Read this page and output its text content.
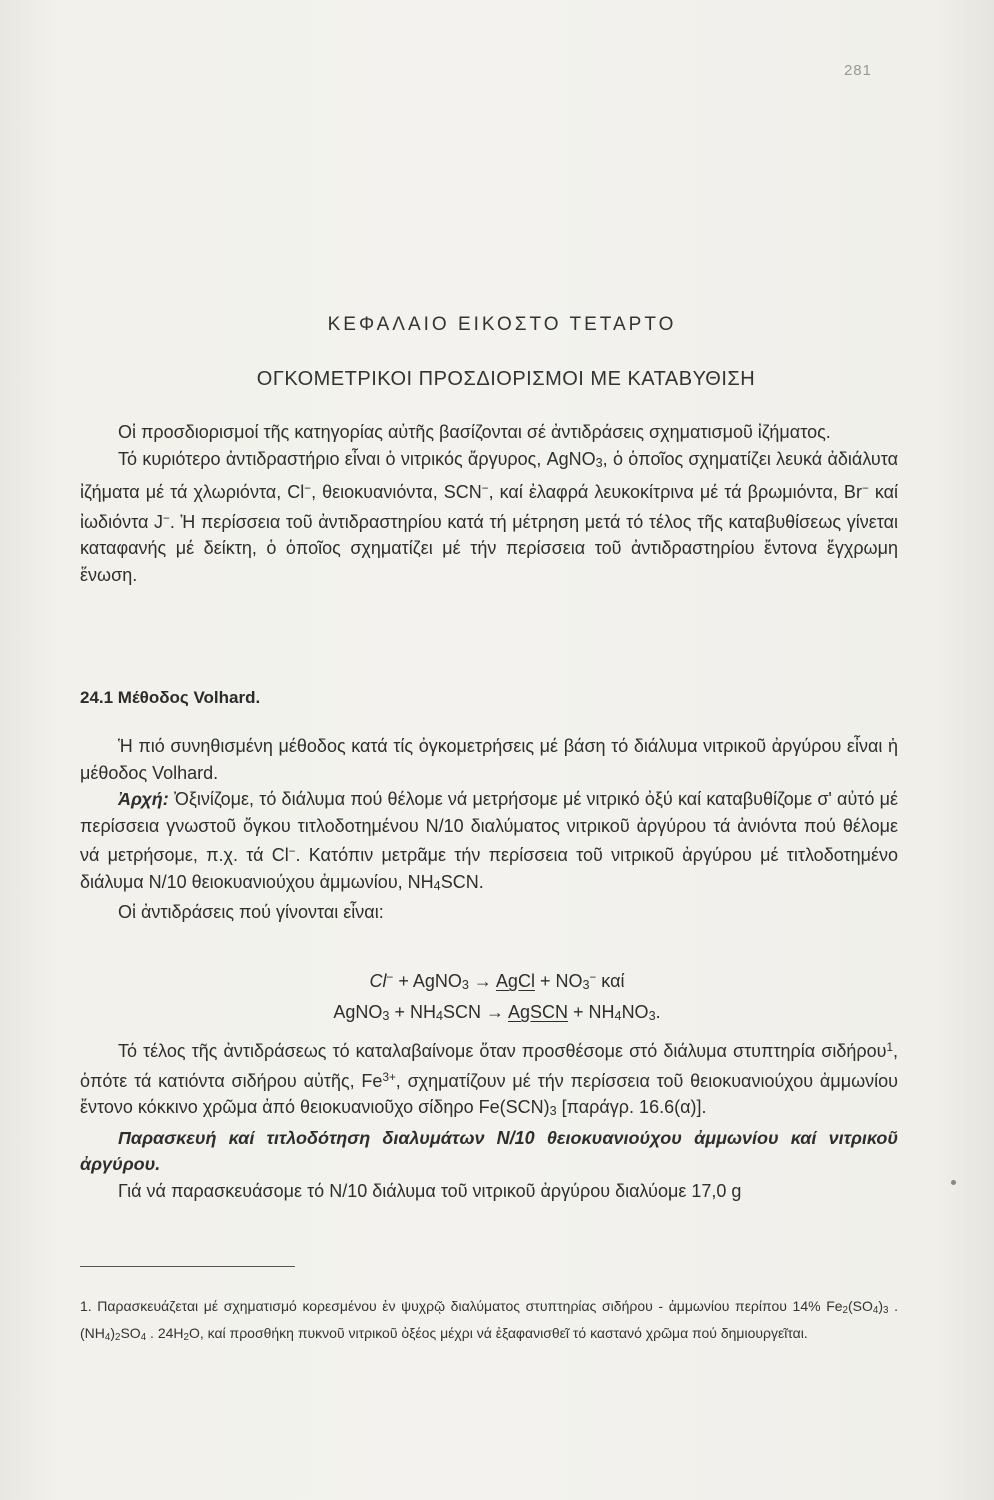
281
ΚΕΦΑΛΑΙΟ ΕΙΚΟΣΤΟ ΤΕΤΑΡΤΟ
ΟΓΚΟΜΕΤΡΙΚΟΙ ΠΡΟΣΔΙΟΡΙΣΜΟΙ ΜΕ ΚΑΤΑΒΥΘΙΣΗ

Οἱ προσδιορισμοί τῆς κατηγορίας αὐτῆς βασίζονται σέ ἀντιδράσεις σχηματισμοῦ ἰζήματος.

Τό κυριότερο ἀντιδραστήριο εἶναι ὁ νιτρικός ἄργυρος, AgNO$_3$, ὁ ὁποῖος σχηματίζει λευκά ἀδιάλυτα ἰζήματα μέ τά χλωριόντα, Cl−, θειοκυανιόντα, SCN−, καί ἐλαφρά λευκοκίτρινα μέ τά βρωμιόντα, Br− καί ἰωδιόντα J−. Ἡ περίσσεια τοῦ ἀντιδραστηρίου κατά τή μέτρηση μετά τό τέλος τῆς καταβυθίσεως γίνεται καταφανής μέ δείκτη, ὁ ὁποῖος σχηματίζει μέ τήν περίσσεια τοῦ ἀντιδραστηρίου ἔντονα ἔγχρωμη ἕνωση.

24.1 Μέθοδος Volhard.

Ἡ πιό συνηθισμένη μέθοδος κατά τίς ὀγκομετρήσεις μέ βάση τό διάλυμα νιτρικοῦ ἀργύρου εἶναι ἡ μέθοδος Volhard.

Ἀρχή: Ὀξινίζομε, τό διάλυμα πού θέλομε νά μετρήσομε μέ νιτρικό ὀξύ καί καταβυθίζομε σ' αὐτό μέ περίσσεια γνωστοῦ ὄγκου τιτλοδοτημένου N/10 διαλύματος νιτρικοῦ ἀργύρου τά ἀνιόντα πού θέλομε νά μετρήσομε, π.χ. τά Cl−. Κατόπιν μετρᾶμε τήν περίσσεια τοῦ νιτρικοῦ ἀργύρου μέ τιτλοδοτημένο διάλυμα N/10 θειοκυανιούχου ἀμμωνίου, $NH_4SCN$.

Οἱ ἀντιδράσεις πού γίνονται εἶναι:

Cl− + AgNO$_3$ → AgCl + $NO_3^-$ καί
AgNO$_3$ + $NH_4SCN$ → AgSCN + $NH_4NO_3$.

Τό τέλος τῆς ἀντιδράσεως τό καταλαβαίνομε ὅταν προσθέσομε στό διάλυμα στυπτηρία σιδήρου$^1$, ὁπότε τά κατιόντα σιδήρου αὐτῆς, $Fe^{3+}$, σχηματίζουν μέ τήν περίσσεια τοῦ θειοκυανιούχου ἀμμωνίου ἔντονο κόκκινο χρῶμα ἀπό θειοκυανιοῦχο σίδηρο $Fe(SCN)_3$ [παράγρ. 16.6(α)].

Παρασκευή καί τιτλοδότηση διαλυμάτων N/10 θειοκυανιούχου ἀμμωνίου καί νιτρικοῦ ἀργύρου.

Γιά νά παρασκευάσομε τό N/10 διάλυμα τοῦ νιτρικοῦ ἀργύρου διαλύομε 17,0 g

1. Παρασκευάζεται μέ σχηματισμό κορεσμένου ἐν ψυχρῷ διαλύματος στυπτηρίας σιδήρου - ἀμμωνίου περίπου 14% $Fe_2(SO_4)_3$ . $(NH_4)_2SO_4$ . $24H_2O$, καί προσθήκη πυκνοῦ νιτρικοῦ ὀξέος μέχρι νά ἐξαφανισθεῖ τό καστανό χρῶμα πού δημιουργεῖται.
